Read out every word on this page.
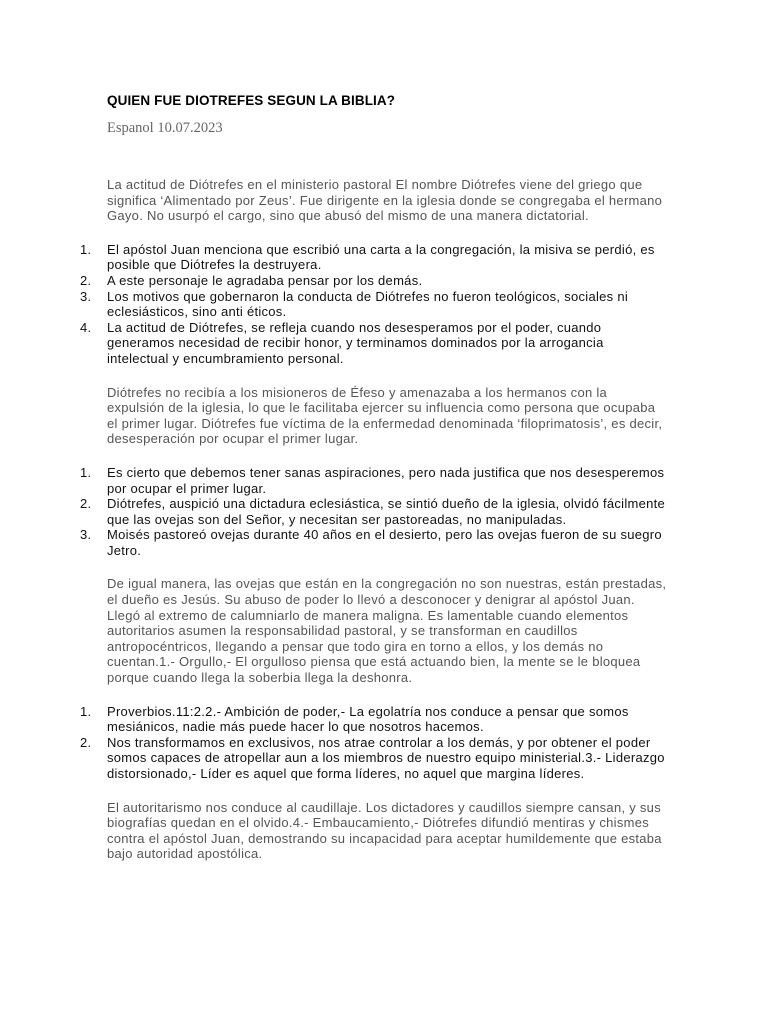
QUIEN FUE DIOTREFES SEGUN LA BIBLIA?
Espanol 10.07.2023

La actitud de Diótrefes en el ministerio pastoral El nombre Diótrefes viene del griego que significa ‘Alimentado por Zeus’. Fue dirigente en la iglesia donde se congregaba el hermano Gayo. No usurpó el cargo, sino que abusó del mismo de una manera dictatorial.

1.	El apóstol Juan menciona que escribió una carta a la congregación, la misiva se perdió, es posible que Diótrefes la destruyera.
2.	A este personaje le agradaba pensar por los demás.
3.	Los motivos que gobernaron la conducta de Diótrefes no fueron teológicos, sociales ni eclesiásticos, sino anti éticos.
4.	La actitud de Diótrefes, se refleja cuando nos desesperamos por el poder, cuando generamos necesidad de recibir honor, y terminamos dominados por la arrogancia intelectual y encumbramiento personal.

Diótrefes no recibía a los misioneros de Éfeso y amenazaba a los hermanos con la expulsión de la iglesia, lo que le facilitaba ejercer su influencia como persona que ocupaba el primer lugar. Diótrefes fue víctima de la enfermedad denominada ‘filoprimatosis’, es decir, desesperación por ocupar el primer lugar.

1.	Es cierto que debemos tener sanas aspiraciones, pero nada justifica que nos desesperemos por ocupar el primer lugar.
2.	Diótrefes, auspició una dictadura eclesiástica, se sintió dueño de la iglesia, olvidó fácilmente que las ovejas son del Señor, y necesitan ser pastoreadas, no manipuladas.
3.	Moisés pastoreó ovejas durante 40 años en el desierto, pero las ovejas fueron de su suegro Jetro.

De igual manera, las ovejas que están en la congregación no son nuestras, están prestadas, el dueño es Jesús. Su abuso de poder lo llevó a desconocer y denigrar al apóstol Juan. Llegó al extremo de calumniarlo de manera maligna. Es lamentable cuando elementos autoritarios asumen la responsabilidad pastoral, y se transforman en caudillos antropocéntricos, llegando a pensar que todo gira en torno a ellos, y los demás no cuentan.1.- Orgullo,- El orgulloso piensa que está actuando bien, la mente se le bloquea porque cuando llega la soberbia llega la deshonra.

1.	Proverbios.11:2.2.- Ambición de poder,- La egolatría nos conduce a pensar que somos mesiánicos, nadie más puede hacer lo que nosotros hacemos.
2.	Nos transformamos en exclusivos, nos atrae controlar a los demás, y por obtener el poder somos capaces de atropellar aun a los miembros de nuestro equipo ministerial.3.- Liderazgo distorsionado,- Líder es aquel que forma líderes, no aquel que margina líderes.

El autoritarismo nos conduce al caudillaje. Los dictadores y caudillos siempre cansan, y sus biografías quedan en el olvido.4.- Embaucamiento,- Diótrefes difundió mentiras y chismes contra el apóstol Juan, demostrando su incapacidad para aceptar humildemente que estaba bajo autoridad apostólica.
